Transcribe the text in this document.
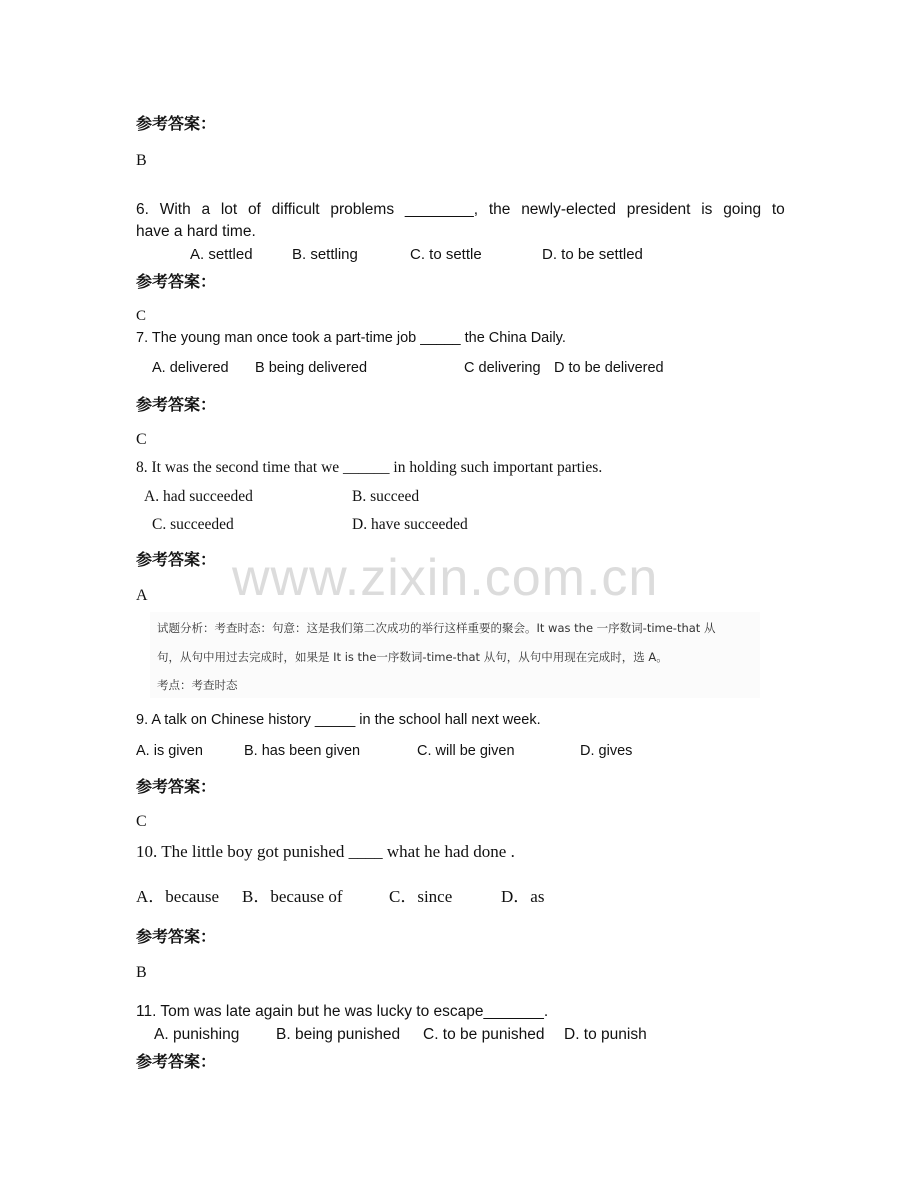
参考答案：
B
6. With a lot of difficult problems ________, the newly-elected president is going to
have a hard time.
A. settled	B. settling	C. to settle	D. to be settled
参考答案：
C
7. The young man once took a part-time job _____ the China Daily.
A. delivered B being delivered	C delivering D to be delivered
参考答案：
C
8. It was the second time that we ______ in holding such important parties.
A. had succeeded	B. succeed
C. succeeded	D. have succeeded
www.zixin.com.cn
参考答案：
A
试题分析：考查时态：句意：这是我们第二次成功的举行这样重要的聚会。It was the 一序数词-time-that 从
句，从句中用过去完成时，如果是 It is the一序数词-time-that 从句，从句中用现在完成时，选 A。
考点：考查时态
9. A talk on Chinese history _____ in the school hall next week.
A. is given	B. has been given	C. will be given	D. gives
参考答案：
C
10. The little boy got punished ____ what he had done .
A．because B．because of	C．since	D．as
参考答案：
B
11. Tom was late again but he was lucky to escape_______.
A. punishing B. being punished C. to be punished D. to punish
参考答案：
